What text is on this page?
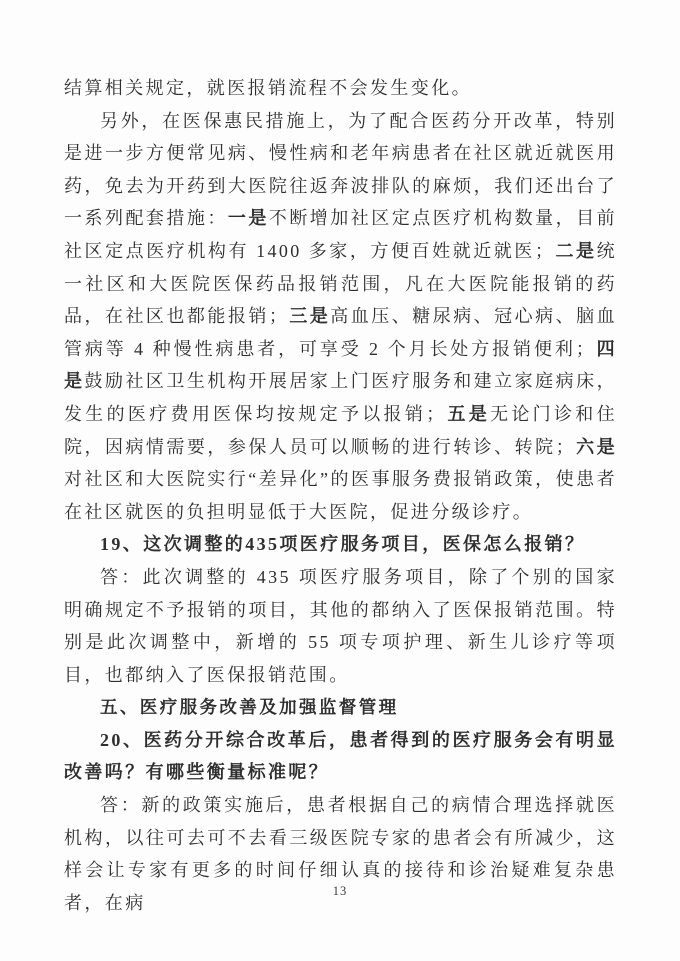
结算相关规定，就医报销流程不会发生变化。

另外，在医保惠民措施上，为了配合医药分开改革，特别是进一步方便常见病、慢性病和老年病患者在社区就近就医用药，免去为开药到大医院往返奔波排队的麻烦，我们还出台了一系列配套措施：一是不断增加社区定点医疗机构数量，目前社区定点医疗机构有 1400 多家，方便百姓就近就医；二是统一社区和大医院医保药品报销范围，凡在大医院能报销的药品，在社区也都能报销；三是高血压、糖尿病、冠心病、脑血管病等 4 种慢性病患者，可享受 2 个月长处方报销便利；四是鼓励社区卫生机构开展居家上门医疗服务和建立家庭病床，发生的医疗费用医保均按规定予以报销；五是无论门诊和住院，因病情需要，参保人员可以顺畅的进行转诊、转院；六是对社区和大医院实行“差异化”的医事服务费报销政策，使患者在社区就医的负担明显低于大医院，促进分级诊疗。

19、这次调整的435项医疗服务项目，医保怎么报销？

答：此次调整的 435 项医疗服务项目，除了个别的国家明确规定不予报销的项目，其他的都纳入了医保报销范围。特别是此次调整中，新增的 55 项专项护理、新生儿诊疗等项目，也都纳入了医保报销范围。

五、医疗服务改善及加强监督管理

20、医药分开综合改革后，患者得到的医疗服务会有明显改善吗？有哪些衡量标准呢？

答：新的政策实施后，患者根据自己的病情合理选择就医机构，以往可去可不去看三级医院专家的患者会有所减少，这样会让专家有更多的时间仔细认真的接待和诊治疑难复杂患者，在病

13
